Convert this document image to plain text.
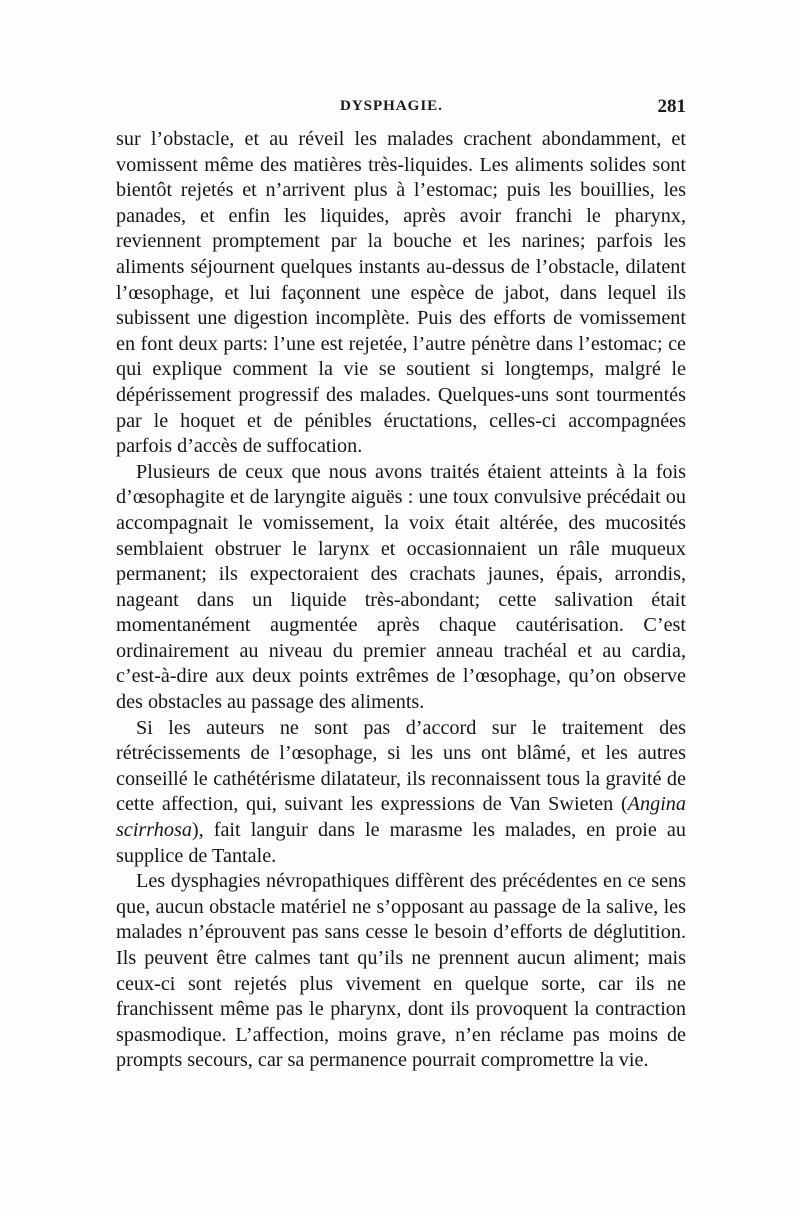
DYSPHAGIE.	281

sur l’obstacle, et au réveil les malades crachent abondamment, et vomissent même des matières très-liquides. Les aliments solides sont bientôt rejetés et n’arrivent plus à l’estomac; puis les bouillies, les panades, et enfin les liquides, après avoir franchi le pharynx, reviennent promptement par la bouche et les narines; parfois les aliments séjournent quelques instants au-dessus de l’obstacle, dilatent l’œsophage, et lui façonnent une espèce de jabot, dans lequel ils subissent une digestion incomplète. Puis des efforts de vomissement en font deux parts: l’une est rejetée, l’autre pénètre dans l’estomac; ce qui explique comment la vie se soutient si longtemps, malgré le dépérissement progressif des malades. Quelques-uns sont tourmentés par le hoquet et de pénibles éructations, celles-ci accompagnées parfois d’accès de suffocation.

Plusieurs de ceux que nous avons traités étaient atteints à la fois d’œsophagite et de laryngite aiguës : une toux convulsive précédait ou accompagnait le vomissement, la voix était altérée, des mucosités semblaient obstruer le larynx et occasionnaient un râle muqueux permanent; ils expectoraient des crachats jaunes, épais, arrondis, nageant dans un liquide très-abondant; cette salivation était momentanément augmentée après chaque cautérisation. C’est ordinairement au niveau du premier anneau trachéal et au cardia, c’est-à-dire aux deux points extrêmes de l’œsophage, qu’on observe des obstacles au passage des aliments.

Si les auteurs ne sont pas d’accord sur le traitement des rétrécissements de l’œsophage, si les uns ont blâmé, et les autres conseillé le cathétérisme dilatateur, ils reconnaissent tous la gravité de cette affection, qui, suivant les expressions de Van Swieten (Angina scirrhosa), fait languir dans le marasme les malades, en proie au supplice de Tantale.

Les dysphagies névropathiques diffèrent des précédentes en ce sens que, aucun obstacle matériel ne s’opposant au passage de la salive, les malades n’éprouvent pas sans cesse le besoin d’efforts de déglutition. Ils peuvent être calmes tant qu’ils ne prennent aucun aliment; mais ceux-ci sont rejetés plus vivement en quelque sorte, car ils ne franchissent même pas le pharynx, dont ils provoquent la contraction spasmodique. L’affection, moins grave, n’en réclame pas moins de prompts secours, car sa permanence pourrait compromettre la vie.
